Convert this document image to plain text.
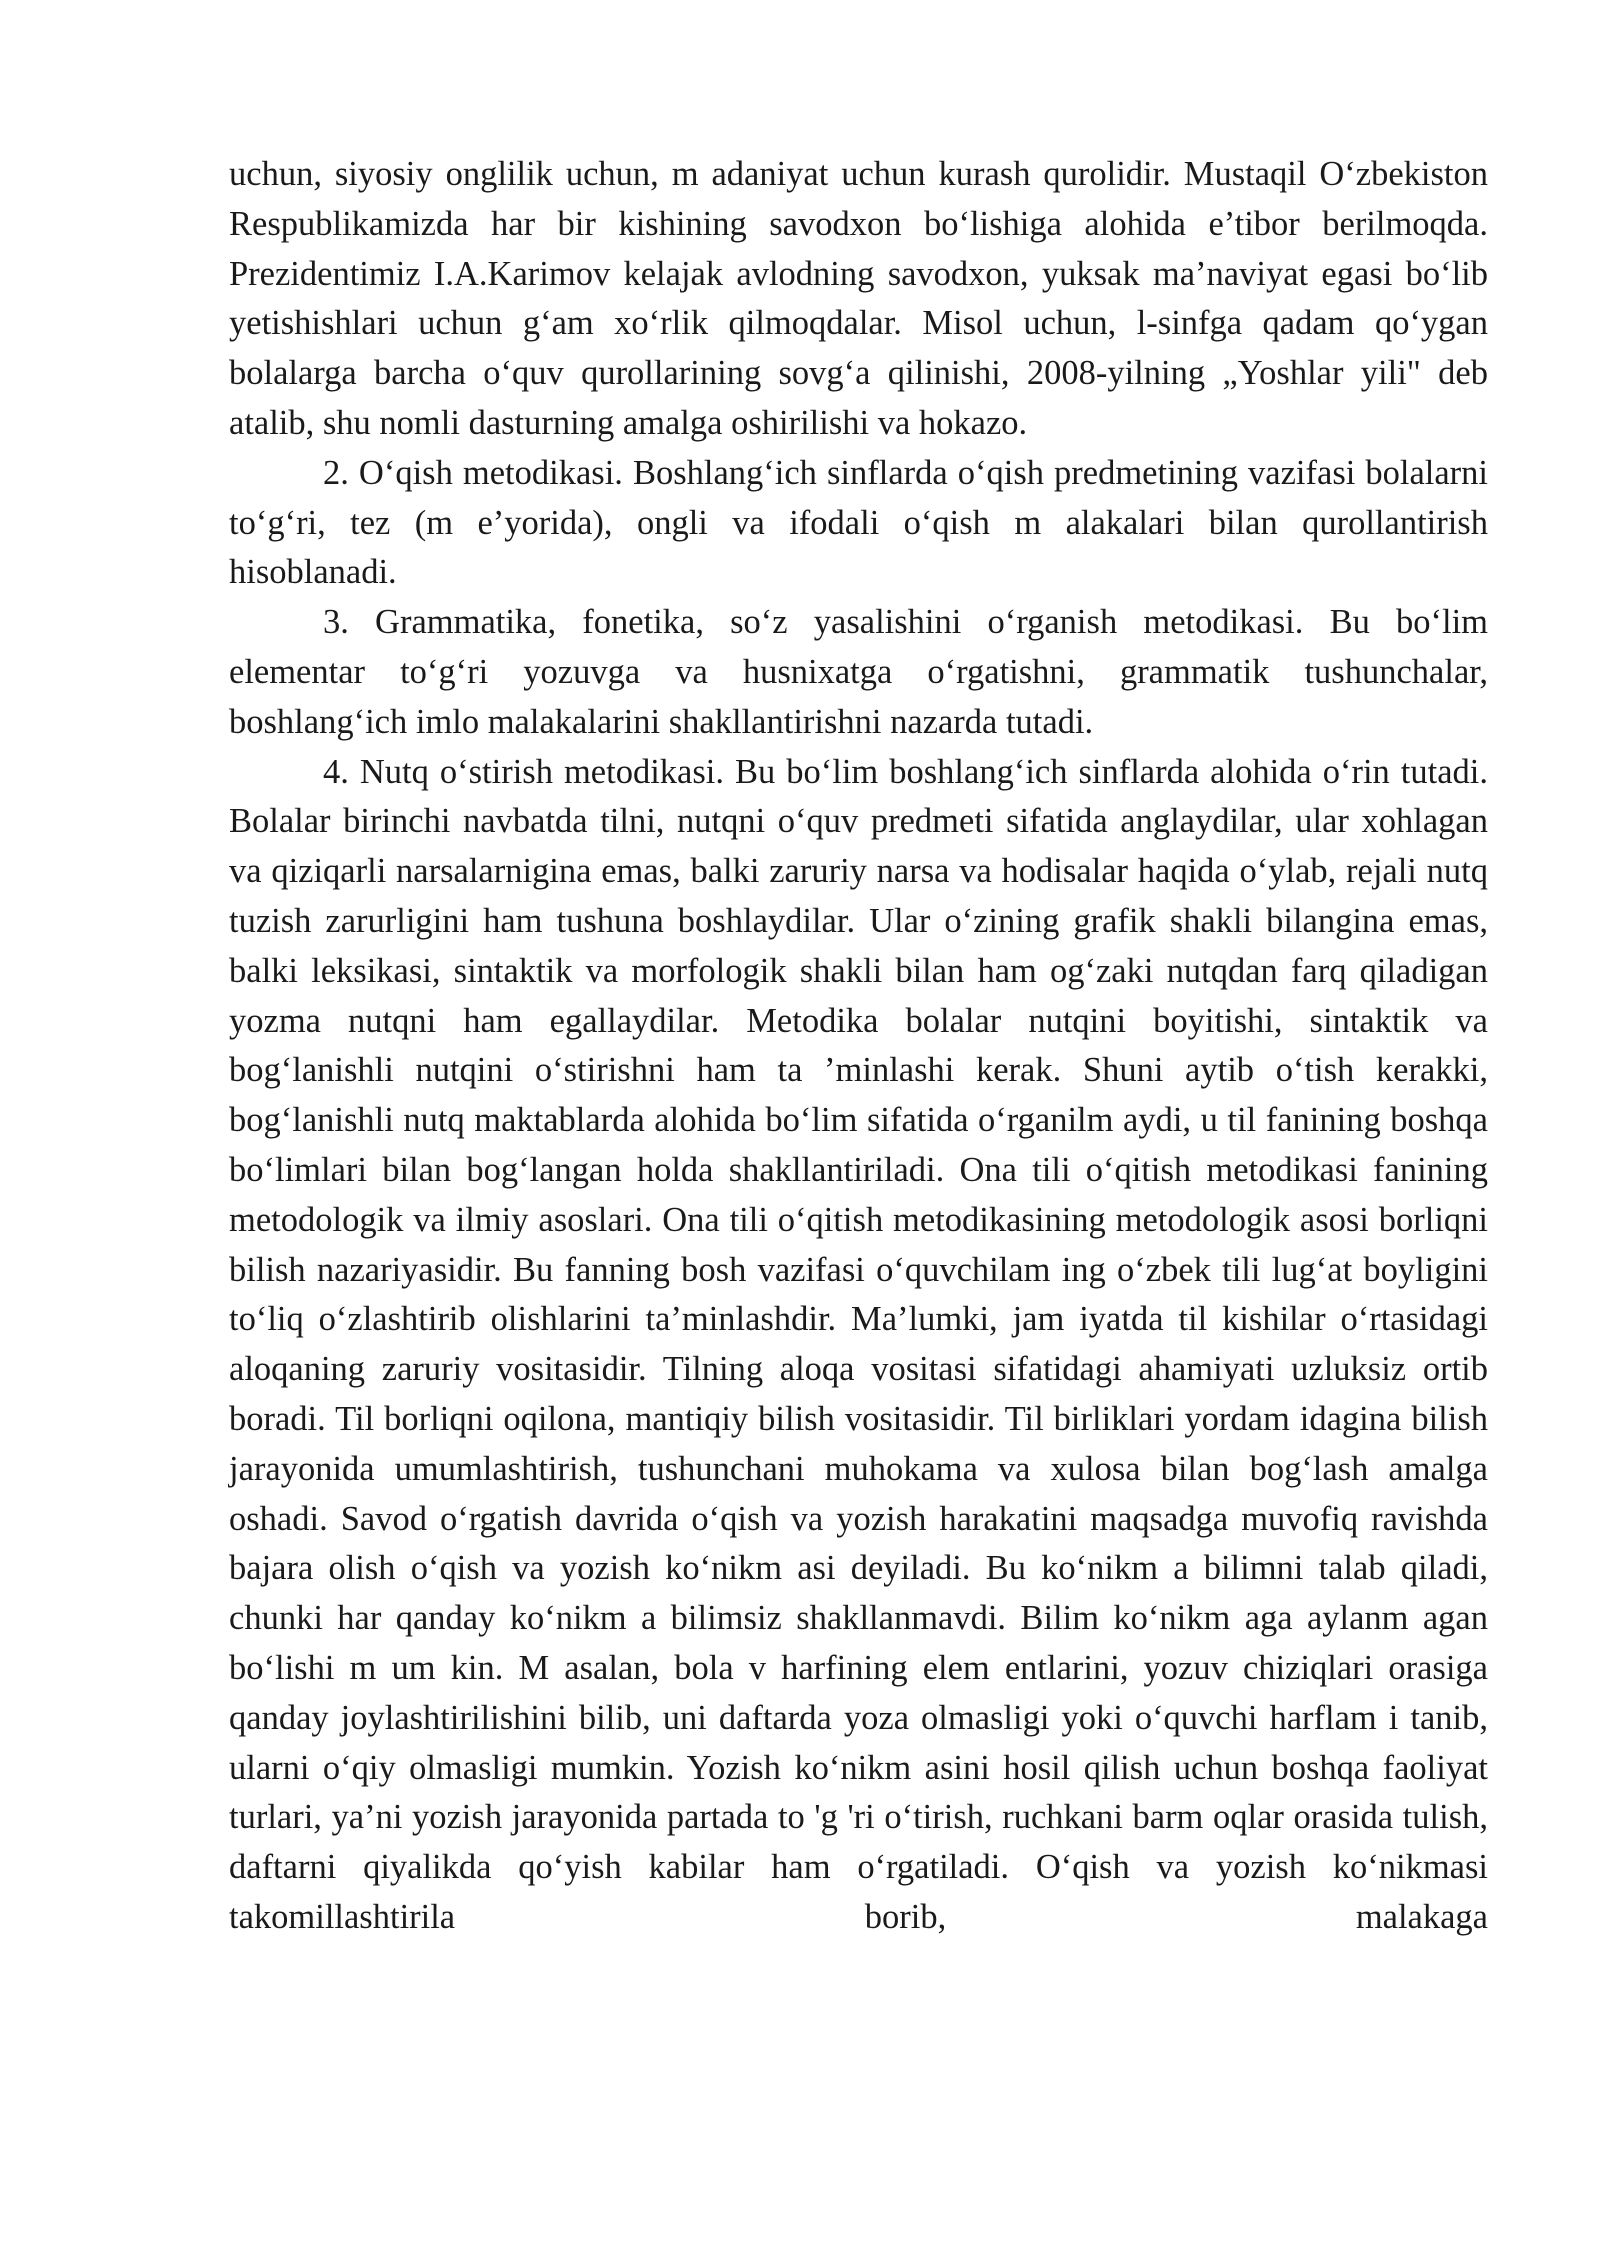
uchun, siyosiy onglilik uchun, m adaniyat uchun kurash qurolidir. Mustaqil O‘zbekiston Respublikamizda har bir kishining savodxon bo‘lishiga alohida e’tibor berilmoqda. Prezidentimiz I.A.Karimov kelajak avlodning savodxon, yuksak ma’naviyat egasi bo‘lib yetishishlari uchun g‘am xo‘rlik qilmoqdalar. Misol uchun, l-sinfga qadam qo‘ygan bolalarga barcha o‘quv qurollarining sovg‘a qilinishi, 2008-yilning „Yoshlar yili" deb atalib, shu nomli dasturning amalga oshirilishi va hokazo.

2. O‘qish metodikasi. Boshlang‘ich sinflarda o‘qish predmetining vazifasi bolalarni to‘g‘ri, tez (m e’yorida), ongli va ifodali o‘qish m alakalari bilan qurollantirish hisoblanadi.

3. Grammatika, fonetika, so‘z yasalishini o‘rganish metodikasi. Bu bo‘lim elementar to‘g‘ri yozuvga va husnixatga o‘rgatishni, grammatik tushunchalar, boshlang‘ich imlo malakalarini shakllantirishni nazarda tutadi.

4. Nutq o‘stirish metodikasi. Bu bo‘lim boshlang‘ich sinflarda alohida o‘rin tutadi. Bolalar birinchi navbatda tilni, nutqni o‘quv predmeti sifatida anglaydilar, ular xohlagan va qiziqarli narsalarnigina emas, balki zaruriy narsa va hodisalar haqida o‘ylab, rejali nutq tuzish zarurligini ham tushuna boshlaydilar. Ular o‘zining grafik shakli bilangina emas, balki leksikasi, sintaktik va morfologik shakli bilan ham og‘zaki nutqdan farq qiladigan yozma nutqni ham egallaydilar. Metodika bolalar nutqini boyitishi, sintaktik va bog‘lanishli nutqini o‘stirishni ham ta ’minlashi kerak. Shuni aytib o‘tish kerakki, bog‘lanishli nutq maktablarda alohida bo‘lim sifatida o‘rganilm aydi, u til fanining boshqa bo‘limlari bilan bog‘langan holda shakllantiriladi. Ona tili o‘qitish metodikasi fanining metodologik va ilmiy asoslari. Ona tili o‘qitish metodikasining metodologik asosi borliqni bilish nazariyasidir. Bu fanning bosh vazifasi o‘quvchilam ing o‘zbek tili lug‘at boyligini to‘liq o‘zlashtirib olishlarini ta’minlashdir. Ma’lumki, jam iyatda til kishilar o‘rtasidagi aloqaning zaruriy vositasidir. Tilning aloqa vositasi sifatidagi ahamiyati uzluksiz ortib boradi. Til borliqni oqilona, mantiqiy bilish vositasidir. Til birliklari yordam idagina bilish jarayonida umumlashtirish, tushunchani muhokama va xulosa bilan bog‘lash amalga oshadi. Savod o‘rgatish davrida o‘qish va yozish harakatini maqsadga muvofiq ravishda bajara olish o‘qish va yozish ko‘nikm asi deyiladi. Bu ko‘nikm a bilimni talab qiladi, chunki har qanday ko‘nikm a bilimsiz shakllanmavdi. Bilim ko‘nikm aga aylanm agan bo‘lishi m um kin. M asalan, bola v harfining elem entlarini, yozuv chiziqlari orasiga qanday joylashtirilishini bilib, uni daftarda yoza olmasligi yoki o‘quvchi harflam i tanib, ularni o‘qiy olmasligi mumkin. Yozish ko‘nikm asini hosil qilish uchun boshqa faoliyat turlari, ya’ni yozish jarayonida partada to 'g 'ri o‘tirish, ruchkani barm oqlar orasida tulish, daftarni qiyalikda qo‘yish kabilar ham o‘rgatiladi. O‘qish va yozish ko‘nikmasi takomillashtirila borib, malakaga
